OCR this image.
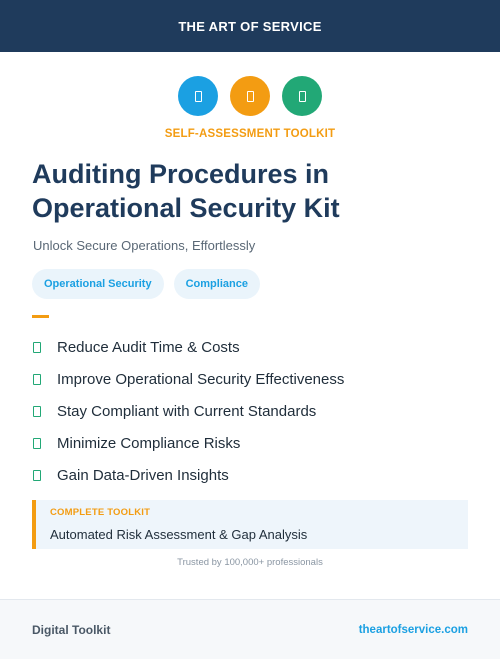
THE ART OF SERVICE
SELF-ASSESSMENT TOOLKIT
Auditing Procedures in
Operational Security Kit
Unlock Secure Operations, Effortlessly
Operational Security	Compliance
Reduce Audit Time & Costs
Improve Operational Security Effectiveness
Stay Compliant with Current Standards
Minimize Compliance Risks
Gain Data-Driven Insights
COMPLETE TOOLKIT
Automated Risk Assessment & Gap Analysis
Trusted by 100,000+ professionals
Digital Toolkit	theartofservice.com
